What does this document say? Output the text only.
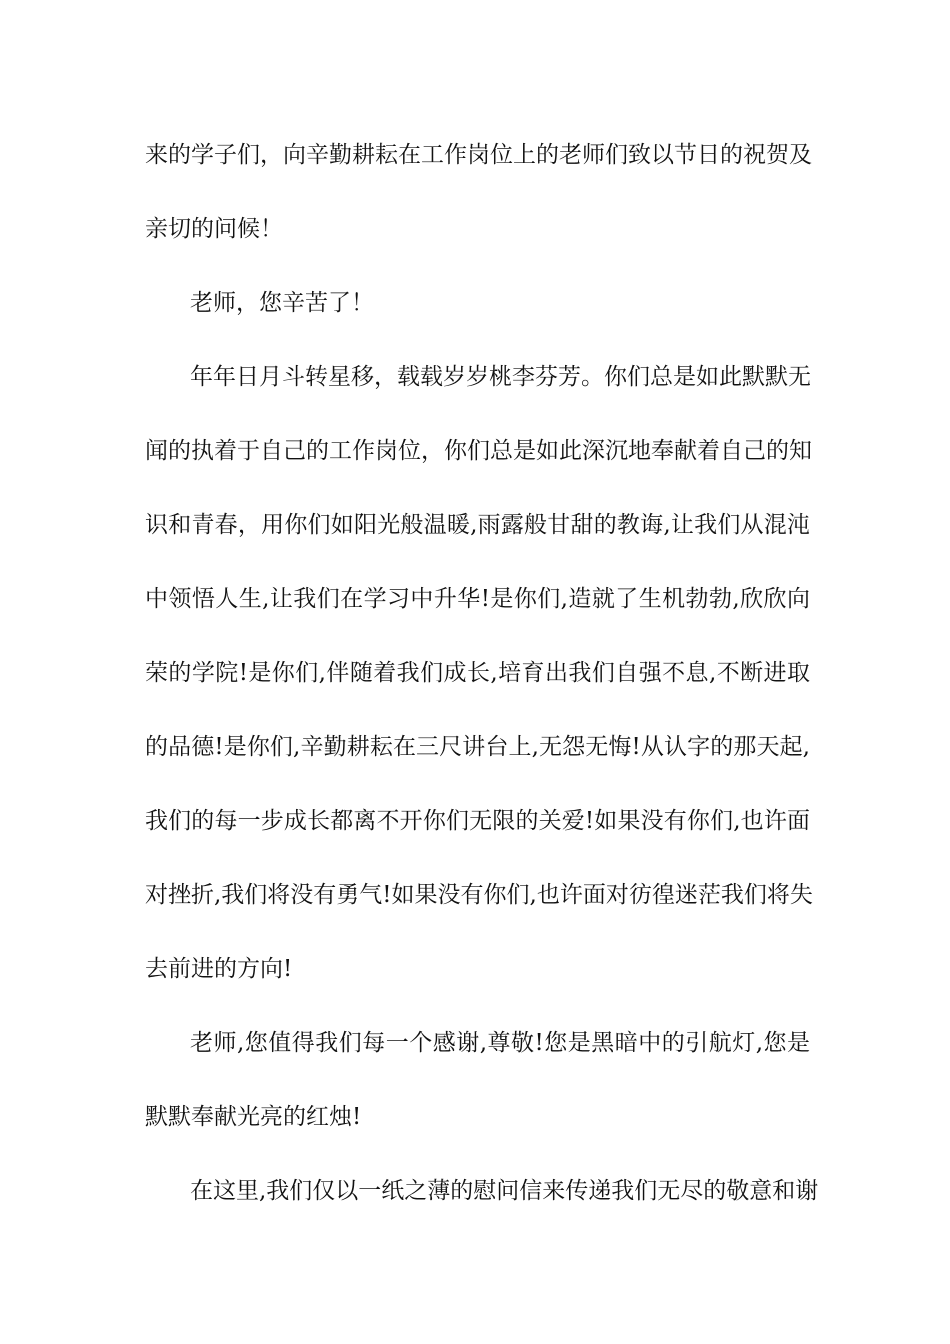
来的学子们，向辛勤耕耘在工作岗位上的老师们致以节日的祝贺及
亲切的问候！
老师，您辛苦了！
年年日月斗转星移，载载岁岁桃李芬芳。你们总是如此默默无
闻的执着于自己的工作岗位，你们总是如此深沉地奉献着自己的知
识和青春，用你们如阳光般温暖,雨露般甘甜的教诲,让我们从混沌
中领悟人生,让我们在学习中升华!是你们,造就了生机勃勃,欣欣向
荣的学院!是你们,伴随着我们成长,培育出我们自强不息,不断进取
的品德!是你们,辛勤耕耘在三尺讲台上,无怨无悔!从认字的那天起,
我们的每一步成长都离不开你们无限的关爱!如果没有你们,也许面
对挫折,我们将没有勇气!如果没有你们,也许面对彷徨迷茫我们将失
去前进的方向!
老师,您值得我们每一个感谢,尊敬!您是黑暗中的引航灯,您是
默默奉献光亮的红烛!
在这里,我们仅以一纸之薄的慰问信来传递我们无尽的敬意和谢
